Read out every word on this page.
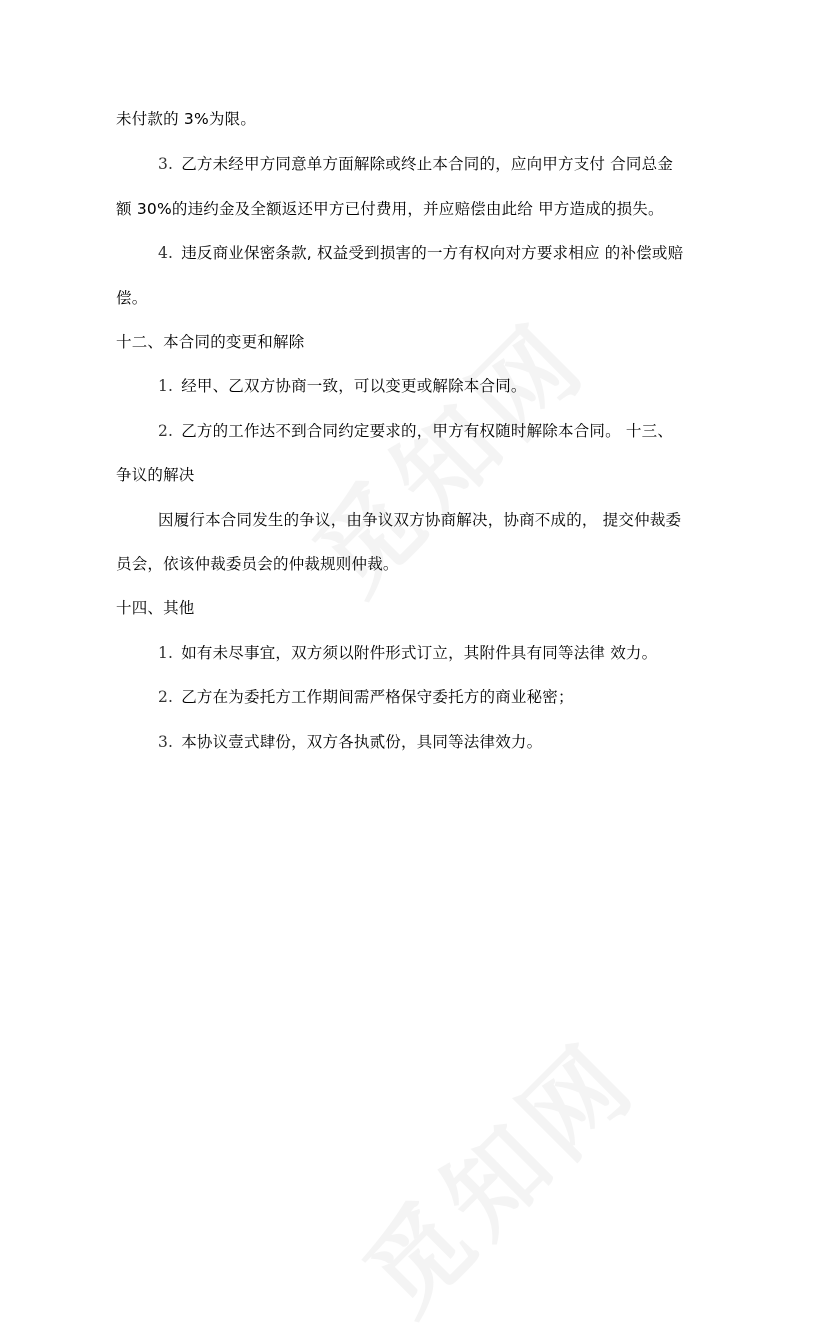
未付款的 3%为限。
3. 乙方未经甲方同意单方面解除或终止本合同的，应向甲方支付 合同总金
额 30%的违约金及全额返还甲方已付费用，并应赔偿由此给 甲方造成的损失。
4. 违反商业保密条款, 权益受到损害的一方有权向对方要求相应 的补偿或赔
偿。
十二、本合同的变更和解除
1. 经甲、乙双方协商一致，可以变更或解除本合同。
2. 乙方的工作达不到合同约定要求的，甲方有权随时解除本合同。 十三、
争议的解决
因履行本合同发生的争议，由争议双方协商解决，协商不成的， 提交仲裁委
员会，依该仲裁委员会的仲裁规则仲裁。
十四、其他
1. 如有未尽事宜，双方须以附件形式订立，其附件具有同等法律 效力。
2. 乙方在为委托方工作期间需严格保守委托方的商业秘密；
3. 本协议壹式肆份，双方各执贰份，具同等法律效力。
